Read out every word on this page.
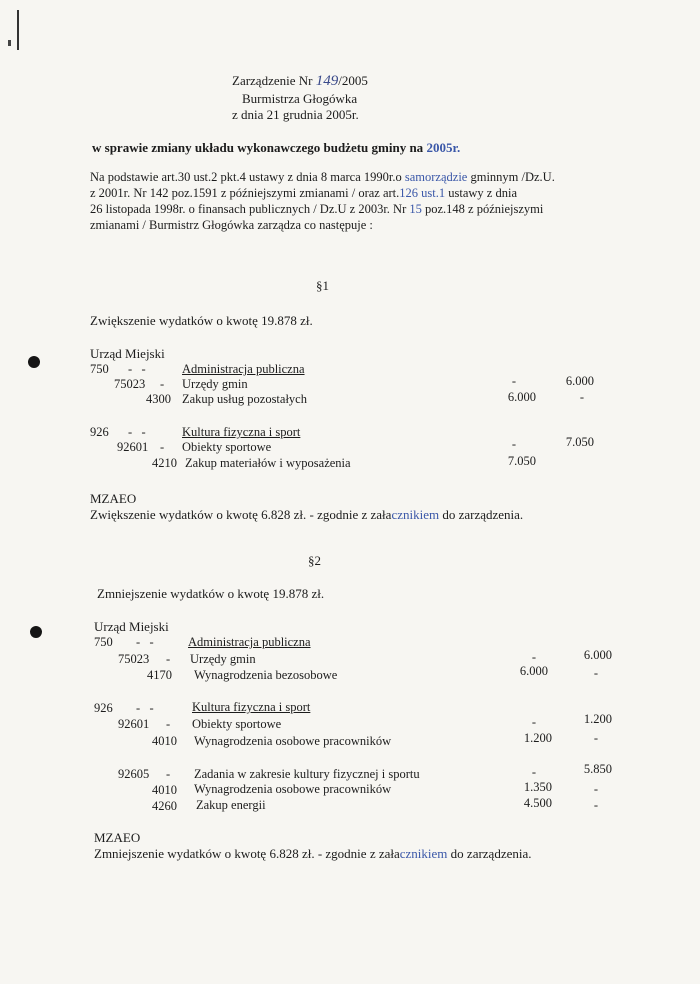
Zarządzenie Nr 149/2005
Burmistrza Głogówka
z dnia 21 grudnia 2005r.
w sprawie zmiany układu wykonawczego budżetu gminy na 2005r.
Na podstawie art.30 ust.2 pkt.4 ustawy z dnia 8 marca 1990r.o samorządzie gminnym /Dz.U.
z 2001r. Nr 142 poz.1591 z późniejszymi zmianami / oraz art.126 ust.1 ustawy z dnia
26 listopada 1998r. o finansach publicznych / Dz.U z 2003r. Nr 15 poz.148 z późniejszymi
zmianami / Burmistrz Głogówka zarządza co następuje :
§1
Zwiększenie wydatków o kwotę 19.878 zł.
Urząd Miejski
750 -   -	Administracja publiczna
75023 - Urzędy gmin	-	6.000
4300 Zakup usług pozostałych	6.000	-
926 -   -	Kultura fizyczna i sport
92601 - Obiekty sportowe	-	7.050
4210 Zakup materiałów i wyposażenia	7.050
MZAEO
Zwiększenie wydatków o kwotę 6.828 zł. - zgodnie z załacznikiem do zarządzenia.
§2
Zmniejszenie wydatków o kwotę 19.878 zł.
Urząd Miejski
750 -   -	Administracja publiczna
75023 - Urzędy gmin	-	6.000
4170 Wynagrodzenia bezosobowe	6.000	-
926 -   -	Kultura fizyczna i sport
92601 - Obiekty sportowe	-	1.200
4010 Wynagrodzenia osobowe pracowników	1.200	-
92605 - Zadania w zakresie kultury fizycznej i sportu	-	5.850
4010 Wynagrodzenia osobowe pracowników	1.350	-
4260 Zakup energii	4.500	-
MZAEO
Zmniejszenie wydatków o kwotę 6.828 zł. - zgodnie z załacznikiem do zarządzenia.
